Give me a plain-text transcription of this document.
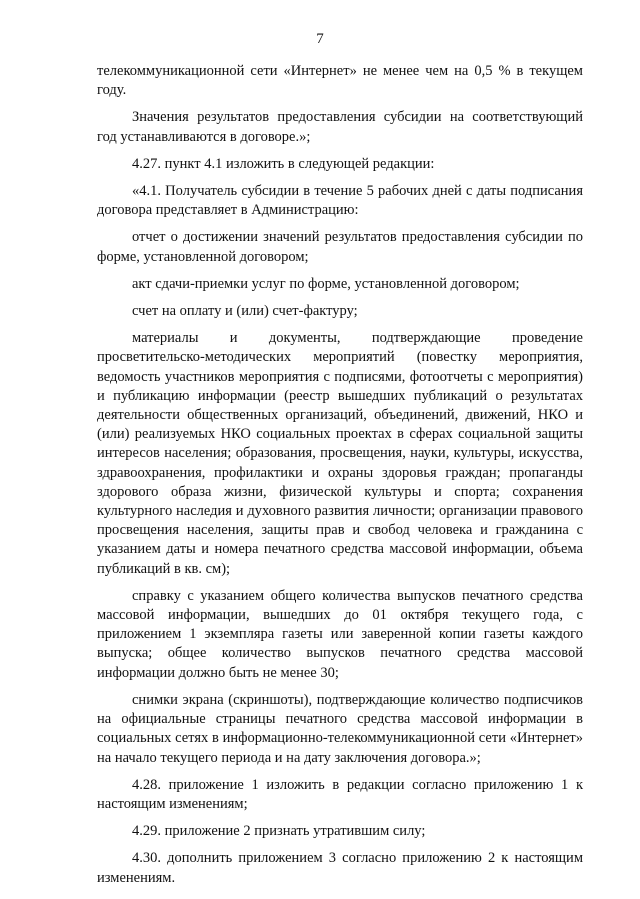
7

телекоммуникационной сети «Интернет» не менее чем на 0,5 % в текущем году.

Значения результатов предоставления субсидии на соответствующий год устанавливаются в договоре.»;

4.27. пункт 4.1 изложить в следующей редакции:

«4.1. Получатель субсидии в течение 5 рабочих дней с даты подписания договора представляет в Администрацию:

отчет о достижении значений результатов предоставления субсидии по форме, установленной договором;

акт сдачи-приемки услуг по форме, установленной договором;

счет на оплату и (или) счет-фактуру;

материалы и документы, подтверждающие проведение просветительско-методических мероприятий (повестку мероприятия, ведомость участников мероприятия с подписями, фотоотчеты с мероприятия) и публикацию информации (реестр вышедших публикаций о результатах деятельности общественных организаций, объединений, движений, НКО и (или) реализуемых НКО социальных проектах в сферах социальной защиты интересов населения; образования, просвещения, науки, культуры, искусства, здравоохранения, профилактики и охраны здоровья граждан; пропаганды здорового образа жизни, физической культуры и спорта; сохранения культурного наследия и духовного развития личности; организации правового просвещения населения, защиты прав и свобод человека и гражданина с указанием даты и номера печатного средства массовой информации, объема публикаций в кв. см);

справку с указанием общего количества выпусков печатного средства массовой информации, вышедших до 01 октября текущего года, с приложением 1 экземпляра газеты или заверенной копии газеты каждого выпуска; общее количество выпусков печатного средства массовой информации должно быть не менее 30;

снимки экрана (скриншоты), подтверждающие количество подписчиков на официальные страницы печатного средства массовой информации в социальных сетях в информационно-телекоммуникационной сети «Интернет» на начало текущего периода и на дату заключения договора.»;

4.28. приложение 1 изложить в редакции согласно приложению 1 к настоящим изменениям;

4.29. приложение 2 признать утратившим силу;

4.30. дополнить приложением 3 согласно приложению 2 к настоящим изменениям.
